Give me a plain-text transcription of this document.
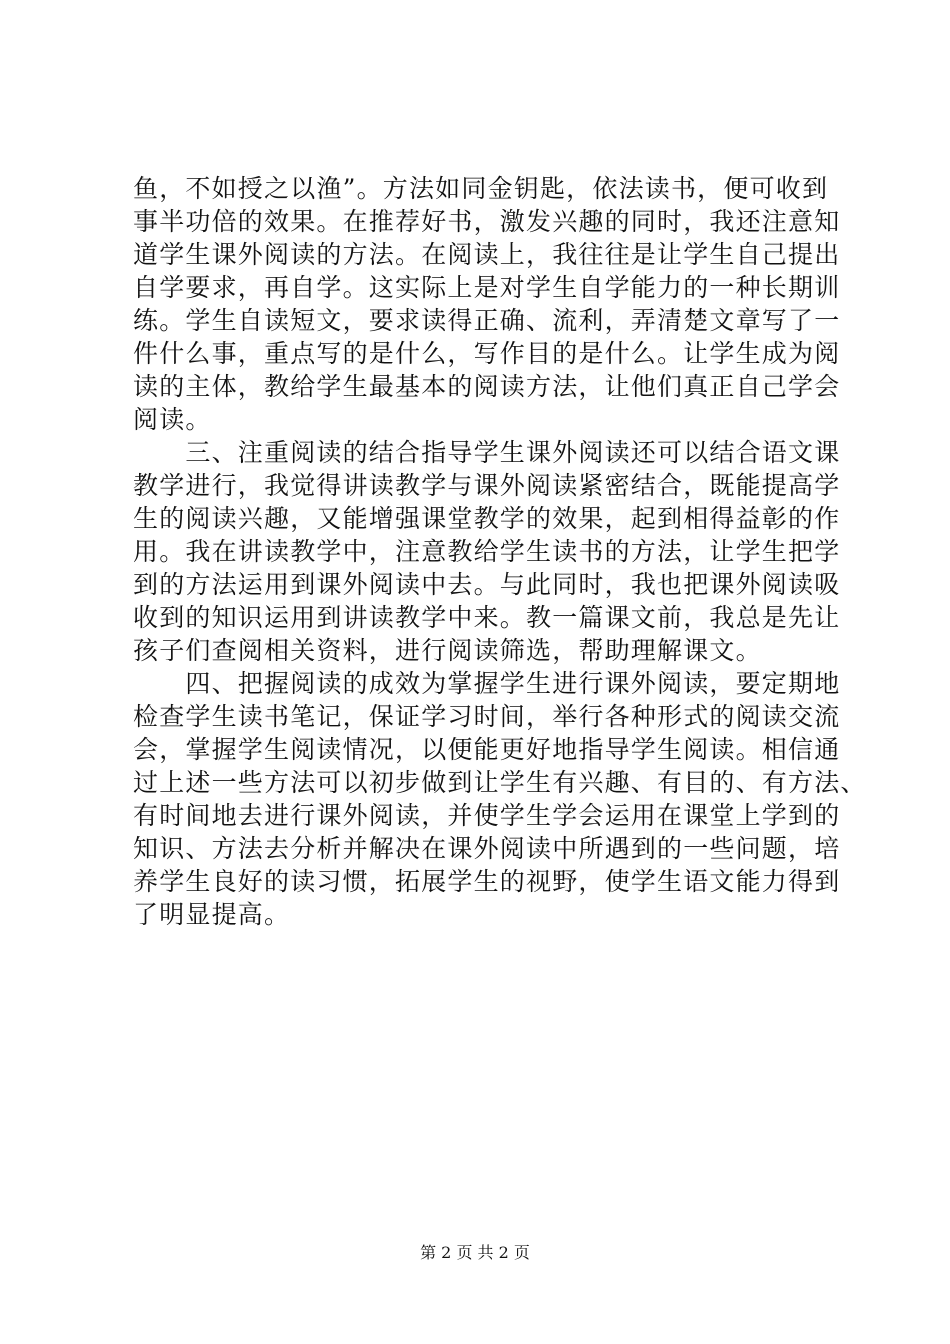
鱼，不如授之以渔”。方法如同金钥匙，依法读书，便可收到
事半功倍的效果。在推荐好书，激发兴趣的同时，我还注意知
道学生课外阅读的方法。在阅读上，我往往是让学生自己提出
自学要求，再自学。这实际上是对学生自学能力的一种长期训
练。学生自读短文，要求读得正确、流利，弄清楚文章写了一
件什么事，重点写的是什么，写作目的是什么。让学生成为阅
读的主体，教给学生最基本的阅读方法，让他们真正自己学会
阅读。
　　三、注重阅读的结合指导学生课外阅读还可以结合语文课
教学进行，我觉得讲读教学与课外阅读紧密结合，既能提高学
生的阅读兴趣，又能增强课堂教学的效果，起到相得益彰的作
用。我在讲读教学中，注意教给学生读书的方法，让学生把学
到的方法运用到课外阅读中去。与此同时，我也把课外阅读吸
收到的知识运用到讲读教学中来。教一篇课文前，我总是先让
孩子们查阅相关资料，进行阅读筛选，帮助理解课文。
　　四、把握阅读的成效为掌握学生进行课外阅读，要定期地
检查学生读书笔记，保证学习时间，举行各种形式的阅读交流
会，掌握学生阅读情况，以便能更好地指导学生阅读。相信通
过上述一些方法可以初步做到让学生有兴趣、有目的、有方法、
有时间地去进行课外阅读，并使学生学会运用在课堂上学到的
知识、方法去分析并解决在课外阅读中所遇到的一些问题，培
养学生良好的读习惯，拓展学生的视野，使学生语文能力得到
了明显提高。
第 2 页 共 2 页
